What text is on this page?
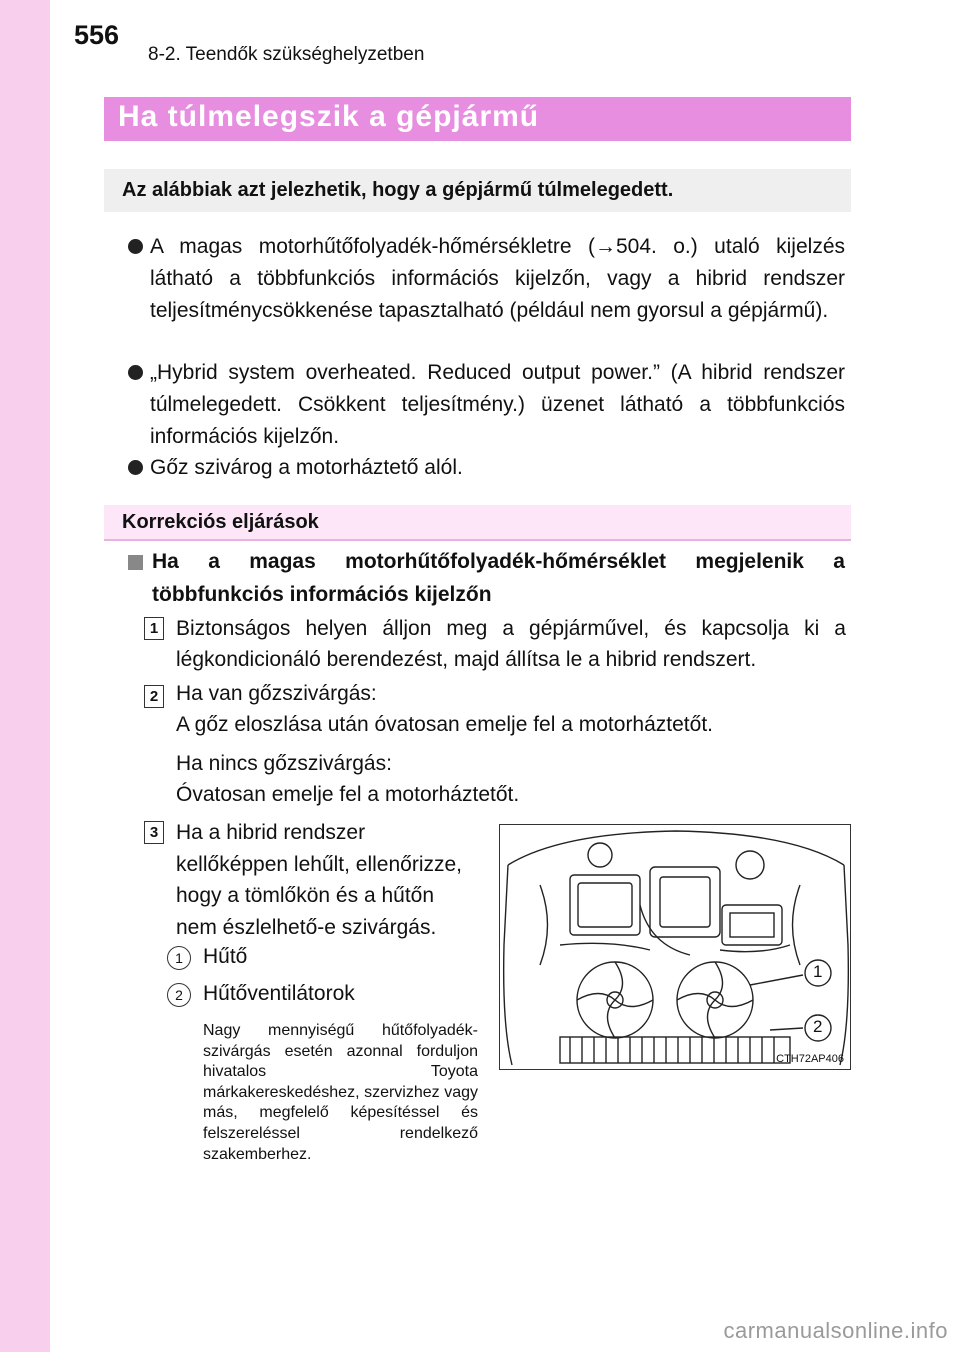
556
8-2. Teendők szükséghelyzetben
Ha túlmelegszik a gépjármű
Az alábbiak azt jelezhetik, hogy a gépjármű túlmelegedett.
A magas motorhűtőfolyadék-hőmérsékletre (→504. o.) utaló kijelzés látható a többfunkciós információs kijelzőn, vagy a hibrid rendszer teljesítménycsökkenése tapasztalható (például nem gyorsul a gépjármű).
„Hybrid system overheated. Reduced output power.” (A hibrid rendszer túlmelegedett. Csökkent teljesítmény.) üzenet látható a többfunkciós információs kijelzőn.
Gőz szivárog a motorháztető alól.
Korrekciós eljárások
Ha a magas motorhűtőfolyadék-hőmérséklet megjelenik a többfunkciós információs kijelzőn
1 Biztonságos helyen álljon meg a gépjárművel, és kapcsolja ki a légkondicionáló berendezést, majd állítsa le a hibrid rendszert.
2 Ha van gőzszivárgás:
A gőz eloszlása után óvatosan emelje fel a motorháztetőt.
Ha nincs gőzszivárgás:
Óvatosan emelje fel a motorháztetőt.
3 Ha a hibrid rendszer kellőképpen lehűlt, ellenőrizze, hogy a tömlőkön és a hűtőn nem észlelhető-e szivárgás.
1 Hűtő
2 Hűtőventilátorok
Nagy mennyiségű hűtőfolyadék-szivárgás esetén azonnal forduljon hivatalos Toyota márkakereskedéshez, szervizhez vagy más, megfelelő képesítéssel és felszereléssel rendelkező szakemberhez.
1
2
CTH72AP406
carmanualsonline.info
